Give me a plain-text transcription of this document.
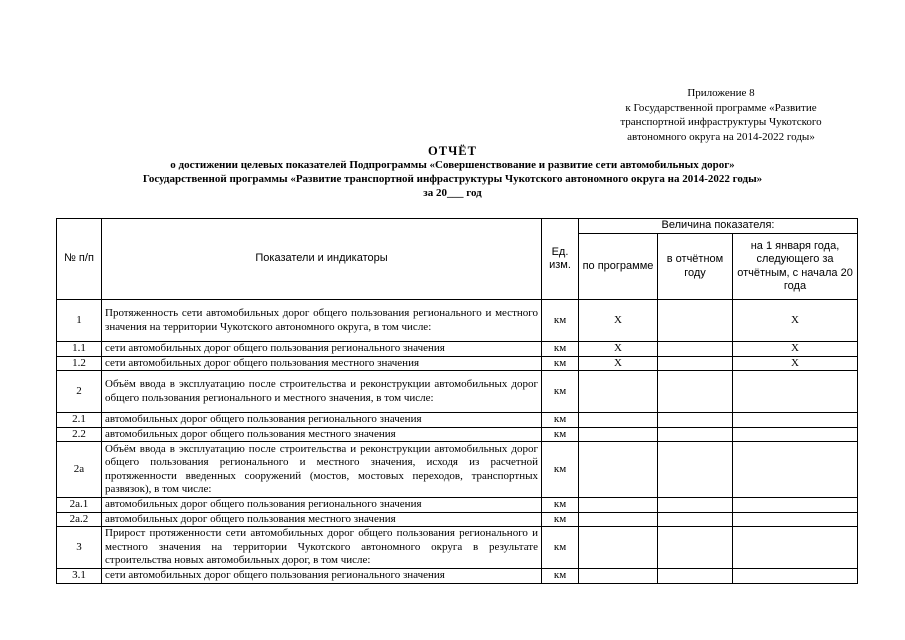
Приложение 8
к Государственной программе «Развитие
транспортной инфраструктуры Чукотского
автономного округа на 2014-2022 годы»
ОТЧЁТ
о достижении целевых показателей Подпрограммы «Совершенствование и развитие сети автомобильных дорог»
Государственной программы «Развитие транспортной инфраструктуры Чукотского автономного округа на 2014-2022 годы»
за 20___ год
№ п/п	Показатели и индикаторы	Ед. изм.	Величина показателя:		
			по программе	в отчётном году	на 1 января года, следующего за отчётным, с начала 20 года
1	Протяженность сети автомобильных дорог общего пользования регионального и местного значения на территории Чукотского автономного округа, в том числе:	км	X		X
1.1	сети автомобильных дорог общего пользования регионального значения	км	X		X
1.2	сети автомобильных дорог общего пользования местного значения	км	X		X
2	Объём ввода в эксплуатацию после строительства и реконструкции автомобильных дорог общего пользования регионального и местного значения, в том числе:	км			
2.1	автомобильных дорог общего пользования регионального значения	км			
2.2	автомобильных дорог общего пользования местного значения	км			
2а	Объём ввода в эксплуатацию после строительства и реконструкции автомобильных дорог общего пользования регионального и местного значения, исходя из расчетной протяженности введенных сооружений (мостов, мостовых переходов, транспортных развязок), в том числе:	км			
2а.1	автомобильных дорог общего пользования регионального значения	км			
2а.2	автомобильных дорог общего пользования местного значения	км			
3	Прирост протяженности сети автомобильных дорог общего пользования регионального и местного значения на территории Чукотского автономного округа в результате строительства новых автомобильных дорог, в том числе:	км			
3.1	сети автомобильных дорог общего пользования регионального значения	км			
